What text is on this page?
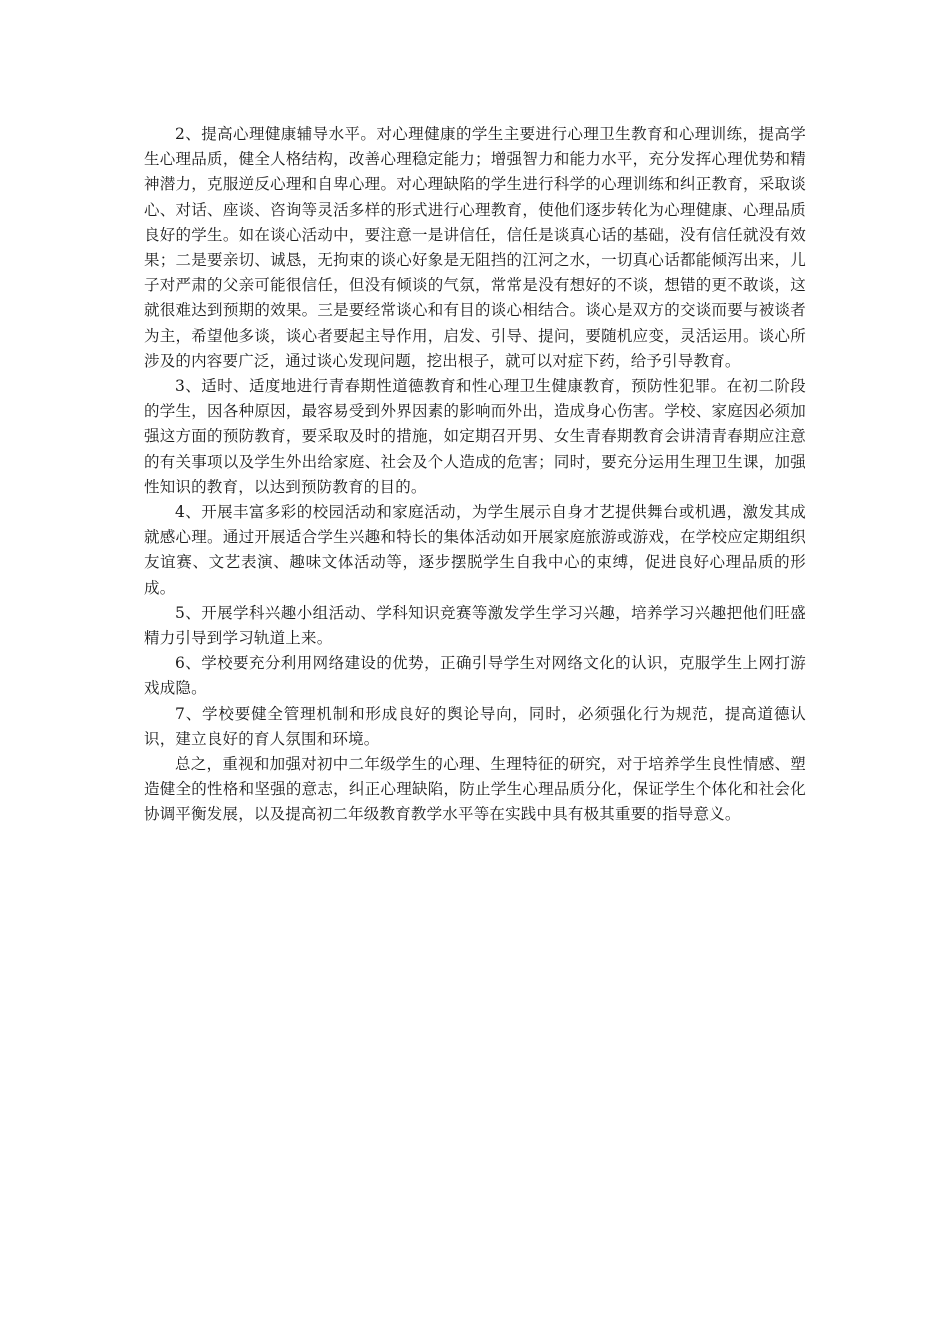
2、提高心理健康辅导水平。对心理健康的学生主要进行心理卫生教育和心理训练，提高学生心理品质，健全人格结构，改善心理稳定能力；增强智力和能力水平，充分发挥心理优势和精神潜力，克服逆反心理和自卑心理。对心理缺陷的学生进行科学的心理训练和纠正教育，采取谈心、对话、座谈、咨询等灵活多样的形式进行心理教育，使他们逐步转化为心理健康、心理品质良好的学生。如在谈心活动中，要注意一是讲信任，信任是谈真心话的基础，没有信任就没有效果；二是要亲切、诚恳，无拘束的谈心好象是无阻挡的江河之水，一切真心话都能倾泻出来，儿子对严肃的父亲可能很信任，但没有倾谈的气氛，常常是没有想好的不谈，想错的更不敢谈，这就很难达到预期的效果。三是要经常谈心和有目的谈心相结合。谈心是双方的交谈而要与被谈者为主，希望他多谈，谈心者要起主导作用，启发、引导、提问，要随机应变，灵活运用。谈心所涉及的内容要广泛，通过谈心发现问题，挖出根子，就可以对症下药，给予引导教育。

3、适时、适度地进行青春期性道德教育和性心理卫生健康教育，预防性犯罪。在初二阶段的学生，因各种原因，最容易受到外界因素的影响而外出，造成身心伤害。学校、家庭因必须加强这方面的预防教育，要采取及时的措施，如定期召开男、女生青春期教育会讲清青春期应注意的有关事项以及学生外出给家庭、社会及个人造成的危害；同时，要充分运用生理卫生课，加强性知识的教育，以达到预防教育的目的。

4、开展丰富多彩的校园活动和家庭活动，为学生展示自身才艺提供舞台或机遇，激发其成就感心理。通过开展适合学生兴趣和特长的集体活动如开展家庭旅游或游戏，在学校应定期组织友谊赛、文艺表演、趣味文体活动等，逐步摆脱学生自我中心的束缚，促进良好心理品质的形成。

5、开展学科兴趣小组活动、学科知识竞赛等激发学生学习兴趣，培养学习兴趣把他们旺盛精力引导到学习轨道上来。

6、学校要充分利用网络建设的优势，正确引导学生对网络文化的认识，克服学生上网打游戏成隐。

7、学校要健全管理机制和形成良好的舆论导向，同时，必须强化行为规范，提高道德认识，建立良好的育人氛围和环境。

总之，重视和加强对初中二年级学生的心理、生理特征的研究，对于培养学生良性情感、塑造健全的性格和坚强的意志，纠正心理缺陷，防止学生心理品质分化，保证学生个体化和社会化协调平衡发展，以及提高初二年级教育教学水平等在实践中具有极其重要的指导意义。
